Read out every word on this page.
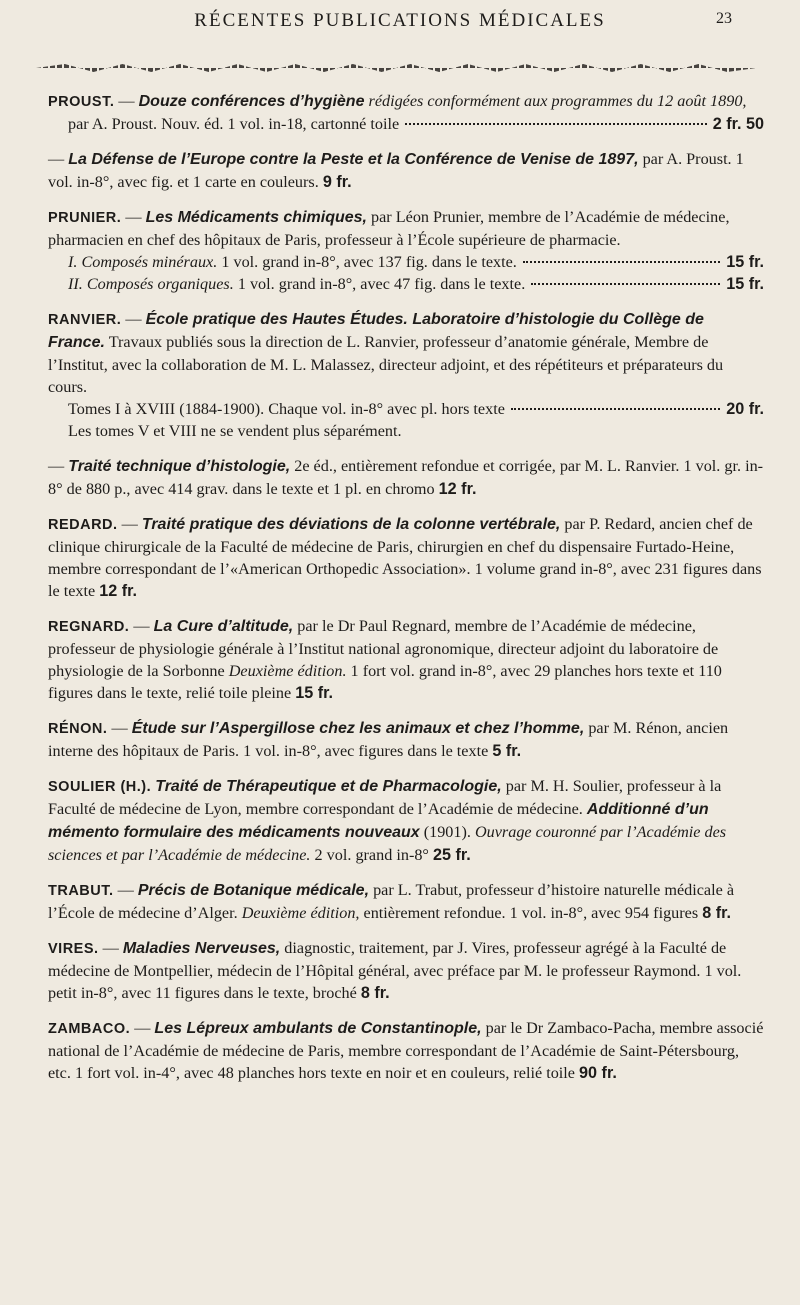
RÉCENTES PUBLICATIONS MÉDICALES	23

PROUST. — Douze conférences d’hygiène rédigées conformément aux programmes du 12 août 1890,

par A. Proust. Nouv. éd. 1 vol. in-18, cartonné toile	2 fr. 50

— La Défense de l’Europe contre la Peste et la Conférence de Venise de 1897, par A. Proust. 1 vol. in-8°, avec fig. et 1 carte en couleurs. 9 fr.

PRUNIER. — Les Médicaments chimiques, par Léon Prunier, membre de l’Académie de médecine, pharmacien en chef des hôpitaux de Paris, professeur à l’École supérieure de pharmacie.

I. Composés minéraux. 1 vol. grand in-8°, avec 137 fig. dans le texte.	15 fr.
II. Composés organiques. 1 vol. grand in-8°, avec 47 fig. dans le texte.	15 fr.

RANVIER. — École pratique des Hautes Études. Laboratoire d’histologie du Collège de France. Travaux publiés sous la direction de L. Ranvier, professeur d’anatomie générale, Membre de l’Institut, avec la collaboration de M. L. Malassez, directeur adjoint, et des répétiteurs et préparateurs du cours.

Tomes I à XVIII (1884-1900). Chaque vol. in-8° avec pl. hors texte	20 fr.

Les tomes V et VIII ne se vendent plus séparément.

— Traité technique d’histologie, 2e éd., entièrement refondue et corrigée, par M. L. Ranvier. 1 vol. gr. in-8° de 880 p., avec 414 grav. dans le texte et 1 pl. en chromo 12 fr.

REDARD. — Traité pratique des déviations de la colonne vertébrale, par P. Redard, ancien chef de clinique chirurgicale de la Faculté de médecine de Paris, chirurgien en chef du dispensaire Furtado-Heine, membre correspondant de l’«American Orthopedic Association». 1 volume grand in-8°, avec 231 figures dans le texte 12 fr.

REGNARD. — La Cure d’altitude, par le Dr Paul Regnard, membre de l’Académie de médecine, professeur de physiologie générale à l’Institut national agronomique, directeur adjoint du laboratoire de physiologie de la Sorbonne Deuxième édition. 1 fort vol. grand in-8°, avec 29 planches hors texte et 110 figures dans le texte, relié toile pleine 15 fr.

RÉNON. — Étude sur l’Aspergillose chez les animaux et chez l’homme, par M. Rénon, ancien interne des hôpitaux de Paris. 1 vol. in-8°, avec figures dans le texte 5 fr.

SOULIER (H.). Traité de Thérapeutique et de Pharmacologie, par M. H. Soulier, professeur à la Faculté de médecine de Lyon, membre correspondant de l’Académie de médecine. Additionné d’un mémento formulaire des médicaments nouveaux (1901). Ouvrage couronné par l’Académie des sciences et par l’Académie de médecine. 2 vol. grand in-8° 25 fr.

TRABUT. — Précis de Botanique médicale, par L. Trabut, professeur d’histoire naturelle médicale à l’École de médecine d’Alger. Deuxième édition, entièrement refondue. 1 vol. in-8°, avec 954 figures 8 fr.

VIRES. — Maladies Nerveuses, diagnostic, traitement, par J. Vires, professeur agrégé à la Faculté de médecine de Montpellier, médecin de l’Hôpital général, avec préface par M. le professeur Raymond. 1 vol. petit in-8°, avec 11 figures dans le texte, broché 8 fr.

ZAMBACO. — Les Lépreux ambulants de Constantinople, par le Dr Zambaco-Pacha, membre associé national de l’Académie de médecine de Paris, membre correspondant de l’Académie de Saint-Pétersbourg, etc. 1 fort vol. in-4°, avec 48 planches hors texte en noir et en couleurs, relié toile 90 fr.
